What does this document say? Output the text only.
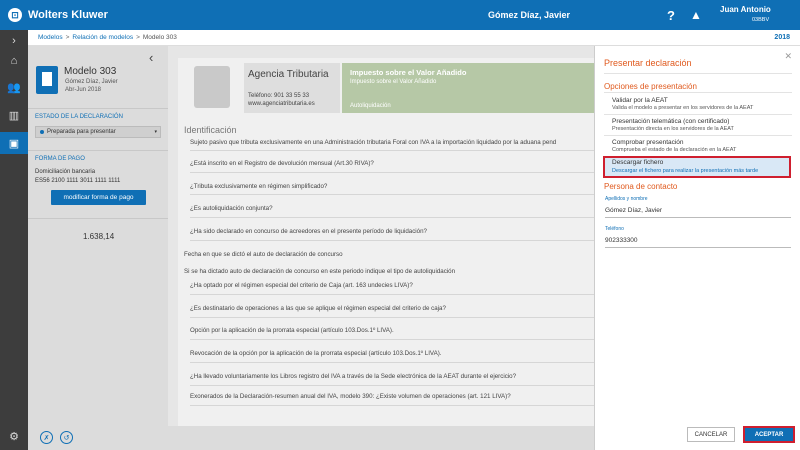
⊡ Wolters Kluwer	Gómez Díaz, Javier	? ▲ Juan Antonio
03BBV
Modelos > Relación de modelos > Modelo 303	2018
›
⌂
👥
▥
▣
⚙
‹
Modelo 303
Gómez Díaz, Javier
Abr-Jun 2018
ESTADO DE LA DECLARACIÓN
Preparada para presentar	▾
FORMA DE PAGO
Domiciliación bancaria
ES56 2100 1111 3011 1111 1111
modificar forma de pago
1.638,14
Agencia Tributaria
Teléfono: 901 33 55 33
www.agenciatributaria.es
Impuesto sobre el Valor Añadido
Impuesto sobre el Valor Añadido
Autoliquidación
Identificación
Sujeto pasivo que tributa exclusivamente en una Administración tributaria Foral con IVA a la importación liquidado por la aduana pend
¿Está inscrito en el Registro de devolución mensual (Art.30 RIVA)?
¿Tributa exclusivamente en régimen simplificado?
¿Es autoliquidación conjunta?
¿Ha sido declarado en concurso de acreedores en el presente período de liquidación?
Fecha en que se dictó el auto de declaración de concurso
Si se ha dictado auto de declaración de concurso en este periodo indique el tipo de autoliquidación
¿Ha optado por el régimen especial del criterio de Caja (art. 163 undecies LIVA)?
¿Es destinatario de operaciones a las que se aplique el régimen especial del criterio de caja?
Opción por la aplicación de la prorrata especial (artículo 103.Dos.1º LIVA).
Revocación de la opción por la aplicación de la prorrata especial (artículo 103.Dos.1º LIVA).
¿Ha llevado voluntariamente los Libros registro del IVA a través de la Sede electrónica de la AEAT durante el ejercicio?
Exonerados de la Declaración-resumen anual del IVA, modelo 390: ¿Existe volumen de operaciones (art. 121 LIVA)?
✗	↺
✕
Presentar declaración
Opciones de presentación
Validar por la AEAT
Valida el modelo a presentar en los servidores de la AEAT
Presentación telemática (con certificado)
Presentación directa en los servidores de la AEAT
Comprobar presentación
Comprueba el estado de la declaración en la AEAT
Descargar fichero
Descargar el fichero para realizar la presentación más tarde
Persona de contacto
Apellidos y nombre
Gómez Díaz, Javier
Teléfono
902333300
CANCELAR	ACEPTAR
